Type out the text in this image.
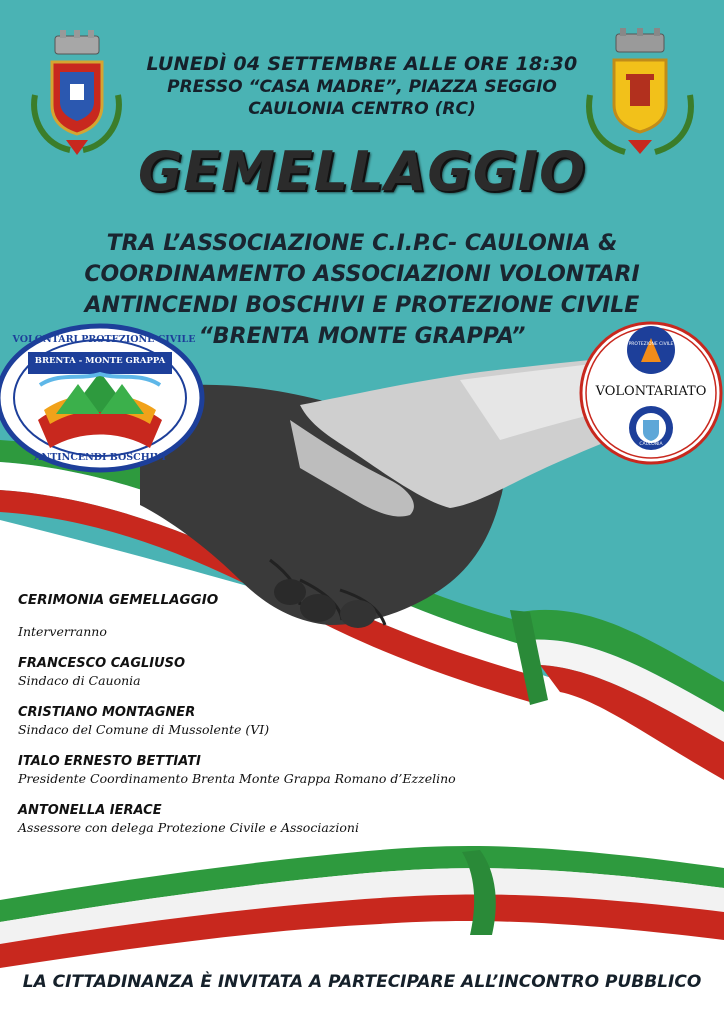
VOLONTARI PROTEZIONE CIVILE
BRENTA - MONTE GRAPPA
ANTINCENDI BOSCHIVI
PROTEZIONE CIVILE
VOLONTARIATO
CAULONIA
LUNEDÌ 04 SETTEMBRE ALLE ORE 18:30
PRESSO “CASA MADRE”, PIAZZA SEGGIO
CAULONIA CENTRO (RC)
GEMELLAGGIO
TRA L’ASSOCIAZIONE C.I.P.C- CAULONIA &
COORDINAMENTO ASSOCIAZIONI VOLONTARI
ANTINCENDI BOSCHIVI E PROTEZIONE CIVILE
“BRENTA MONTE GRAPPA”
CERIMONIA GEMELLAGGIO
Interverranno
FRANCESCO CAGLIUSO
Sindaco di Cauonia
CRISTIANO MONTAGNER
Sindaco del Comune di Mussolente (VI)
ITALO ERNESTO BETTIATI
Presidente Coordinamento Brenta Monte Grappa Romano d’Ezzelino
ANTONELLA IERACE
Assessore con delega Protezione Civile e Associazioni
LA CITTADINANZA È INVITATA A PARTECIPARE ALL’INCONTRO PUBBLICO
